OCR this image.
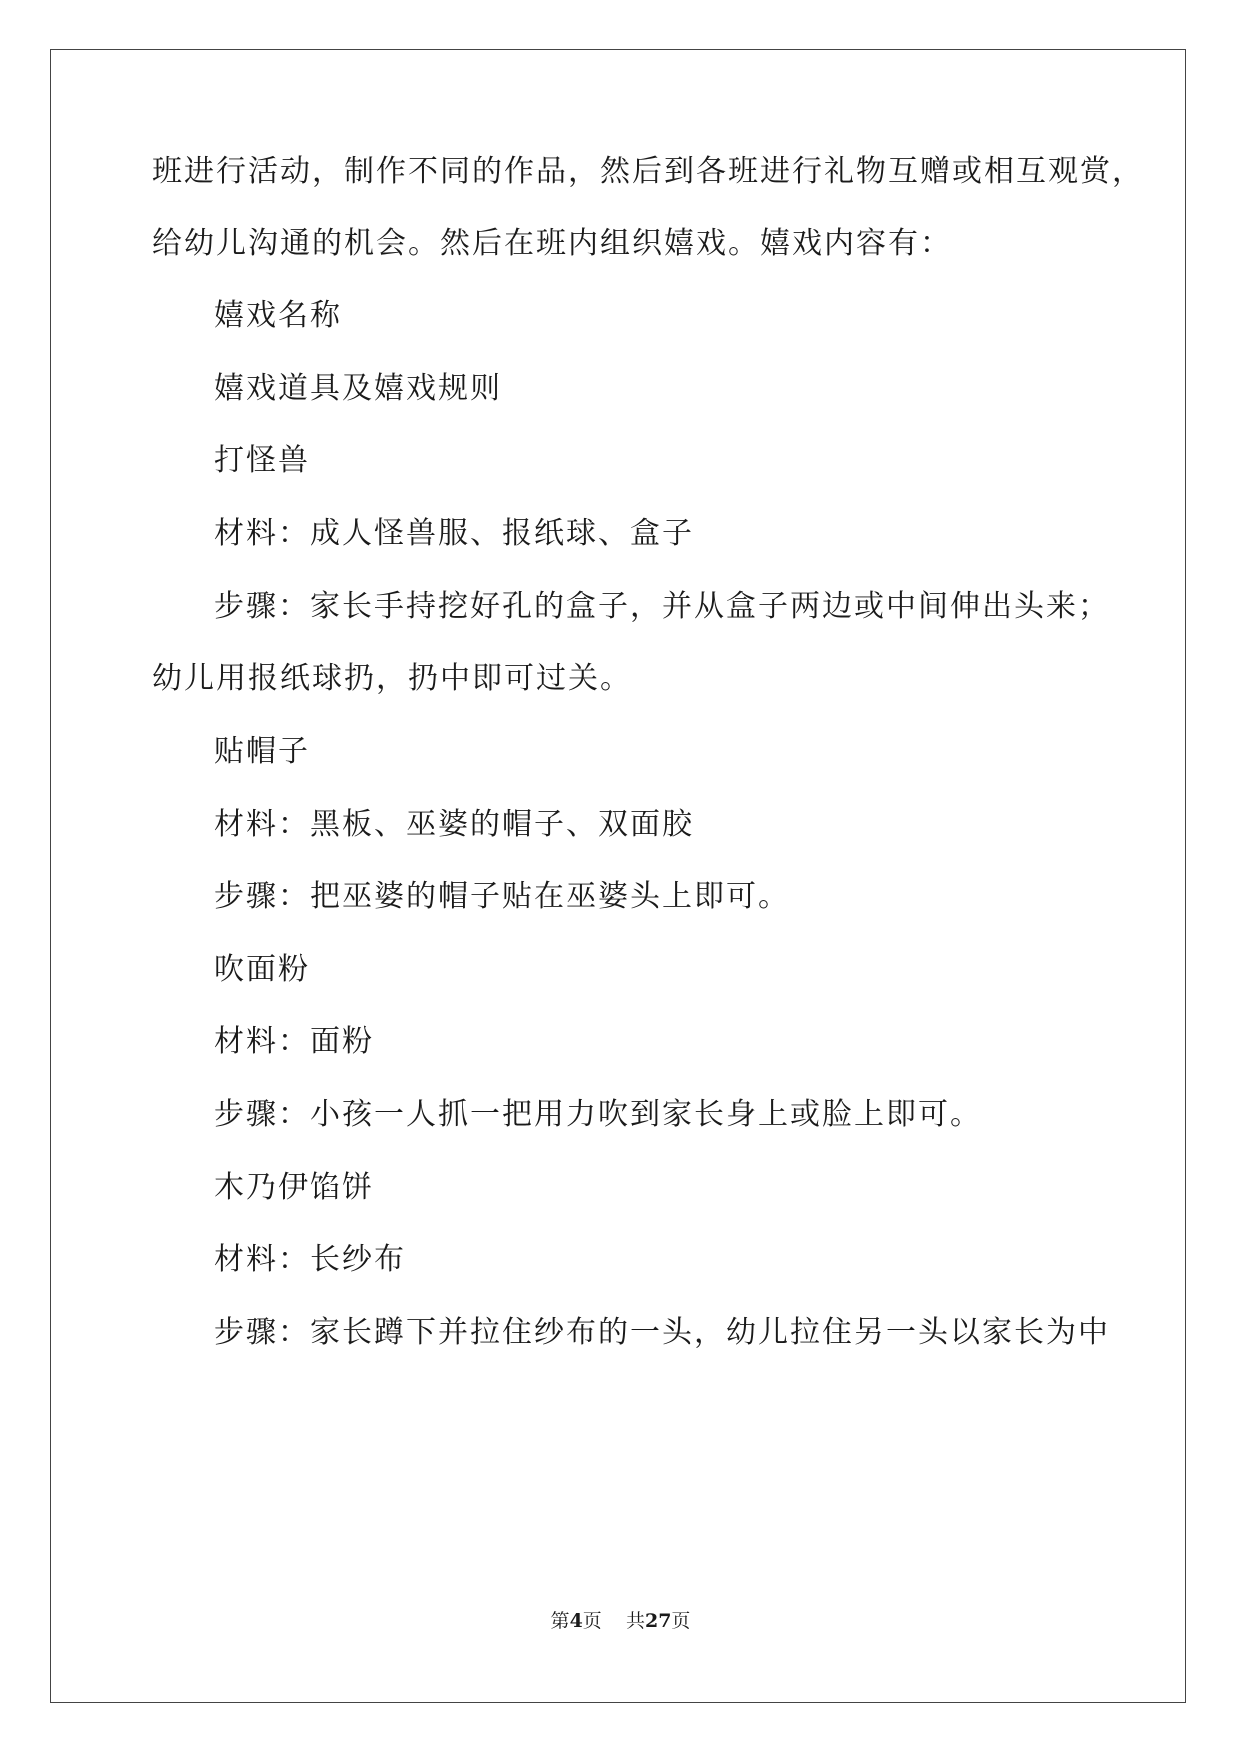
班进行活动，制作不同的作品，然后到各班进行礼物互赠或相互观赏，
给幼儿沟通的机会。然后在班内组织嬉戏。嬉戏内容有：
嬉戏名称
嬉戏道具及嬉戏规则
打怪兽
材料：成人怪兽服、报纸球、盒子
步骤：家长手持挖好孔的盒子，并从盒子两边或中间伸出头来；
幼儿用报纸球扔，扔中即可过关。
贴帽子
材料：黑板、巫婆的帽子、双面胶
步骤：把巫婆的帽子贴在巫婆头上即可。
吹面粉
材料：面粉
步骤：小孩一人抓一把用力吹到家长身上或脸上即可。
木乃伊馅饼
材料：长纱布
步骤：家长蹲下并拉住纱布的一头，幼儿拉住另一头以家长为中
第4页    共27页
